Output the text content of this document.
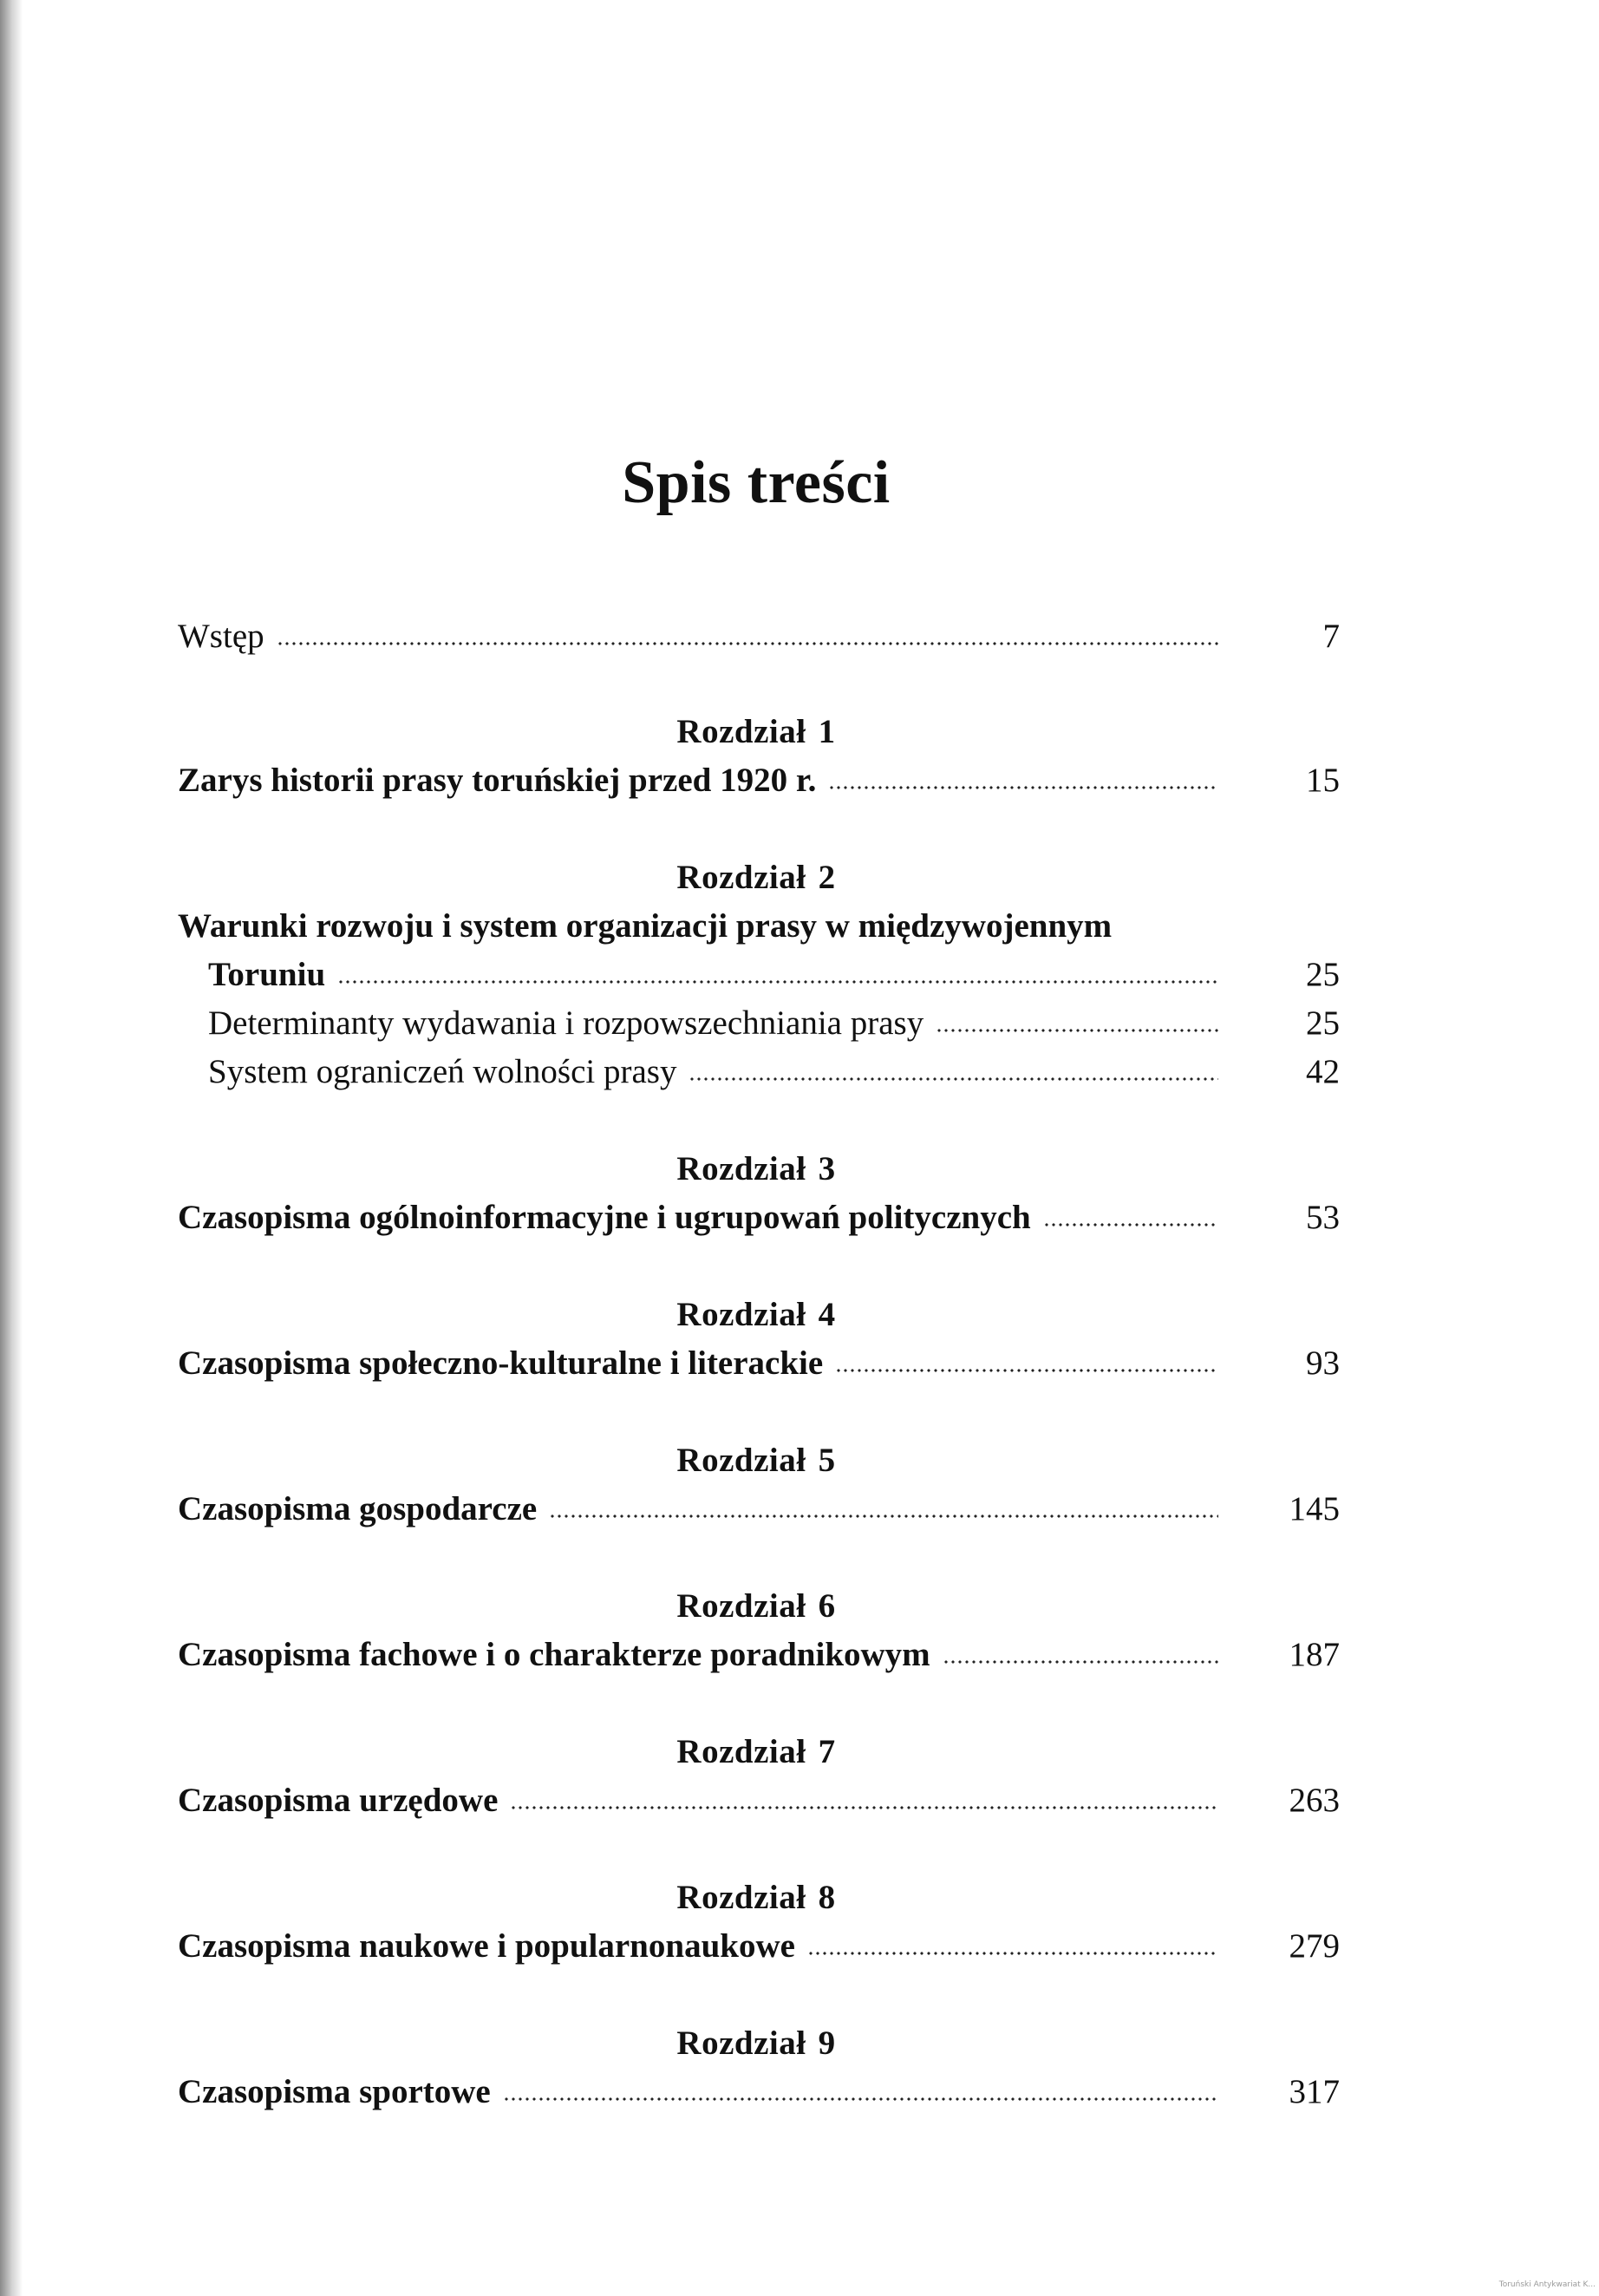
Spis treści
Wstęp	7
Rozdział 1
Zarys historii prasy toruńskiej przed 1920 r.	15
Rozdział 2
Warunki rozwoju i system organizacji prasy w międzywojennym
Toruniu	25
Determinanty wydawania i rozpowszechniania prasy	25
System ograniczeń wolności prasy	42
Rozdział 3
Czasopisma ogólnoinformacyjne i ugrupowań politycznych	53
Rozdział 4
Czasopisma społeczno-kulturalne i literackie	93
Rozdział 5
Czasopisma gospodarcze	145
Rozdział 6
Czasopisma fachowe i o charakterze poradnikowym	187
Rozdział 7
Czasopisma urzędowe	263
Rozdział 8
Czasopisma naukowe i popularnonaukowe	279
Rozdział 9
Czasopisma sportowe	317
Toruński Antykwariat K...
